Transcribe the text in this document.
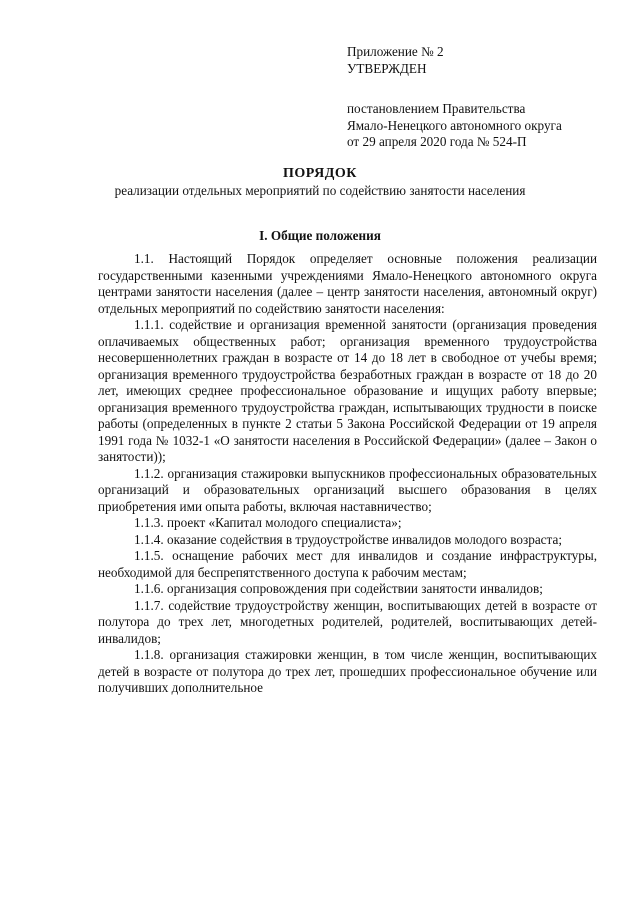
Приложение № 2
УТВЕРЖДЕН
постановлением Правительства
Ямало-Ненецкого автономного округа
от 29 апреля 2020 года № 524-П
ПОРЯДОК
реализации отдельных мероприятий по содействию занятости населения
I. Общие положения

1.1. Настоящий Порядок определяет основные положения реализации государственными казенными учреждениями Ямало-Ненецкого автономного округа центрами занятости населения (далее – центр занятости населения, автономный округ) отдельных мероприятий по содействию занятости населения:

1.1.1. содействие и организация временной занятости (организация проведения оплачиваемых общественных работ; организация временного трудоустройства несовершеннолетних граждан в возрасте от 14 до 18 лет в свободное от учебы время; организация временного трудоустройства безработных граждан в возрасте от 18 до 20 лет, имеющих среднее профессиональное образование и ищущих работу впервые; организация временного трудоустройства граждан, испытывающих трудности в поиске работы (определенных в пункте 2 статьи 5 Закона Российской Федерации от 19 апреля 1991 года № 1032-1 «О занятости населения в Российской Федерации» (далее – Закон о занятости));

1.1.2. организация стажировки выпускников профессиональных образовательных организаций и образовательных организаций высшего образования в целях приобретения ими опыта работы, включая наставничество;

1.1.3. проект «Капитал молодого специалиста»;

1.1.4. оказание содействия в трудоустройстве инвалидов молодого возраста;

1.1.5. оснащение рабочих мест для инвалидов и создание инфраструктуры, необходимой для беспрепятственного доступа к рабочим местам;

1.1.6. организация сопровождения при содействии занятости инвалидов;

1.1.7. содействие трудоустройству женщин, воспитывающих детей в возрасте от полутора до трех лет, многодетных родителей, родителей, воспитывающих детей-инвалидов;

1.1.8. организация стажировки женщин, в том числе женщин, воспитывающих детей в возрасте от полутора до трех лет, прошедших профессиональное обучение или получивших дополнительное
